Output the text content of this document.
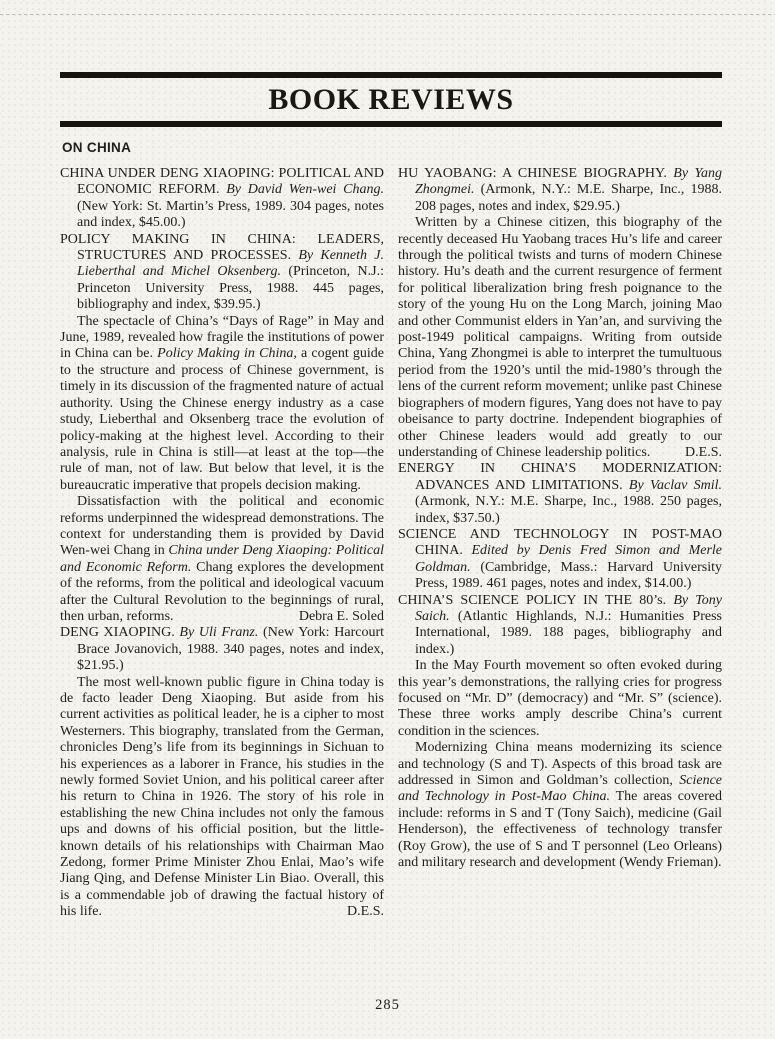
BOOK REVIEWS
ON CHINA

CHINA UNDER DENG XIAOPING: POLITICAL AND ECONOMIC REFORM. By David Wen-wei Chang. (New York: St. Martin’s Press, 1989. 304 pages, notes and index, $45.00.)

POLICY MAKING IN CHINA: LEADERS, STRUCTURES AND PROCESSES. By Kenneth J. Lieberthal and Michel Oksenberg. (Princeton, N.J.: Princeton University Press, 1988. 445 pages, bibliography and index, $39.95.)

The spectacle of China’s “Days of Rage” in May and June, 1989, revealed how fragile the institutions of power in China can be. Policy Making in China, a cogent guide to the structure and process of Chinese government, is timely in its discussion of the fragmented nature of actual authority. Using the Chinese energy industry as a case study, Lieberthal and Oksenberg trace the evolution of policy-making at the highest level. According to their analysis, rule in China is still—at least at the top—the rule of man, not of law. But below that level, it is the bureaucratic imperative that propels decision making.

Dissatisfaction with the political and economic reforms underpinned the widespread demonstrations. The context for understanding them is provided by David Wen-wei Chang in China under Deng Xiaoping: Political and Economic Reform. Chang explores the development of the reforms, from the political and ideological vacuum after the Cultural Revolution to the beginnings of rural, then urban, reforms.	Debra E. Soled

DENG XIAOPING. By Uli Franz. (New York: Harcourt Brace Jovanovich, 1988. 340 pages, notes and index, $21.95.)

The most well-known public figure in China today is de facto leader Deng Xiaoping. But aside from his current activities as political leader, he is a cipher to most Westerners. This biography, translated from the German, chronicles Deng’s life from its beginnings in Sichuan to his experiences as a laborer in France, his studies in the newly formed Soviet Union, and his political career after his return to China in 1926. The story of his role in establishing the new China includes not only the famous ups and downs of his official position, but the little-known details of his relationships with Chairman Mao Zedong, former Prime Minister Zhou Enlai, Mao’s wife Jiang Qing, and Defense Minister Lin Biao. Overall, this is a commendable job of drawing the factual history of his life.	D.E.S.

HU YAOBANG: A CHINESE BIOGRAPHY. By Yang Zhongmei. (Armonk, N.Y.: M.E. Sharpe, Inc., 1988. 208 pages, notes and index, $29.95.)

Written by a Chinese citizen, this biography of the recently deceased Hu Yaobang traces Hu’s life and career through the political twists and turns of modern Chinese history. Hu’s death and the current resurgence of ferment for political liberalization bring fresh poignance to the story of the young Hu on the Long March, joining Mao and other Communist elders in Yan’an, and surviving the post-1949 political campaigns. Writing from outside China, Yang Zhongmei is able to interpret the tumultuous period from the 1920’s until the mid-1980’s through the lens of the current reform movement; unlike past Chinese biographers of modern figures, Yang does not have to pay obeisance to party doctrine. Independent biographies of other Chinese leaders would add greatly to our understanding of Chinese leadership politics. D.E.S.

ENERGY IN CHINA’S MODERNIZATION: ADVANCES AND LIMITATIONS. By Vaclav Smil. (Armonk, N.Y.: M.E. Sharpe, Inc., 1988. 250 pages, index, $37.50.)

SCIENCE AND TECHNOLOGY IN POST-MAO CHINA. Edited by Denis Fred Simon and Merle Goldman. (Cambridge, Mass.: Harvard University Press, 1989. 461 pages, notes and index, $14.00.)

CHINA’S SCIENCE POLICY IN THE 80’s. By Tony Saich. (Atlantic Highlands, N.J.: Humanities Press International, 1989. 188 pages, bibliography and index.)

In the May Fourth movement so often evoked during this year’s demonstrations, the rallying cries for progress focused on “Mr. D” (democracy) and “Mr. S” (science). These three works amply describe China’s current condition in the sciences.

Modernizing China means modernizing its science and technology (S and T). Aspects of this broad task are addressed in Simon and Goldman’s collection, Science and Technology in Post-Mao China. The areas covered include: reforms in S and T (Tony Saich), medicine (Gail Henderson), the effectiveness of technology transfer (Roy Grow), the use of S and T personnel (Leo Orleans) and military research and development (Wendy Frieman).

285
